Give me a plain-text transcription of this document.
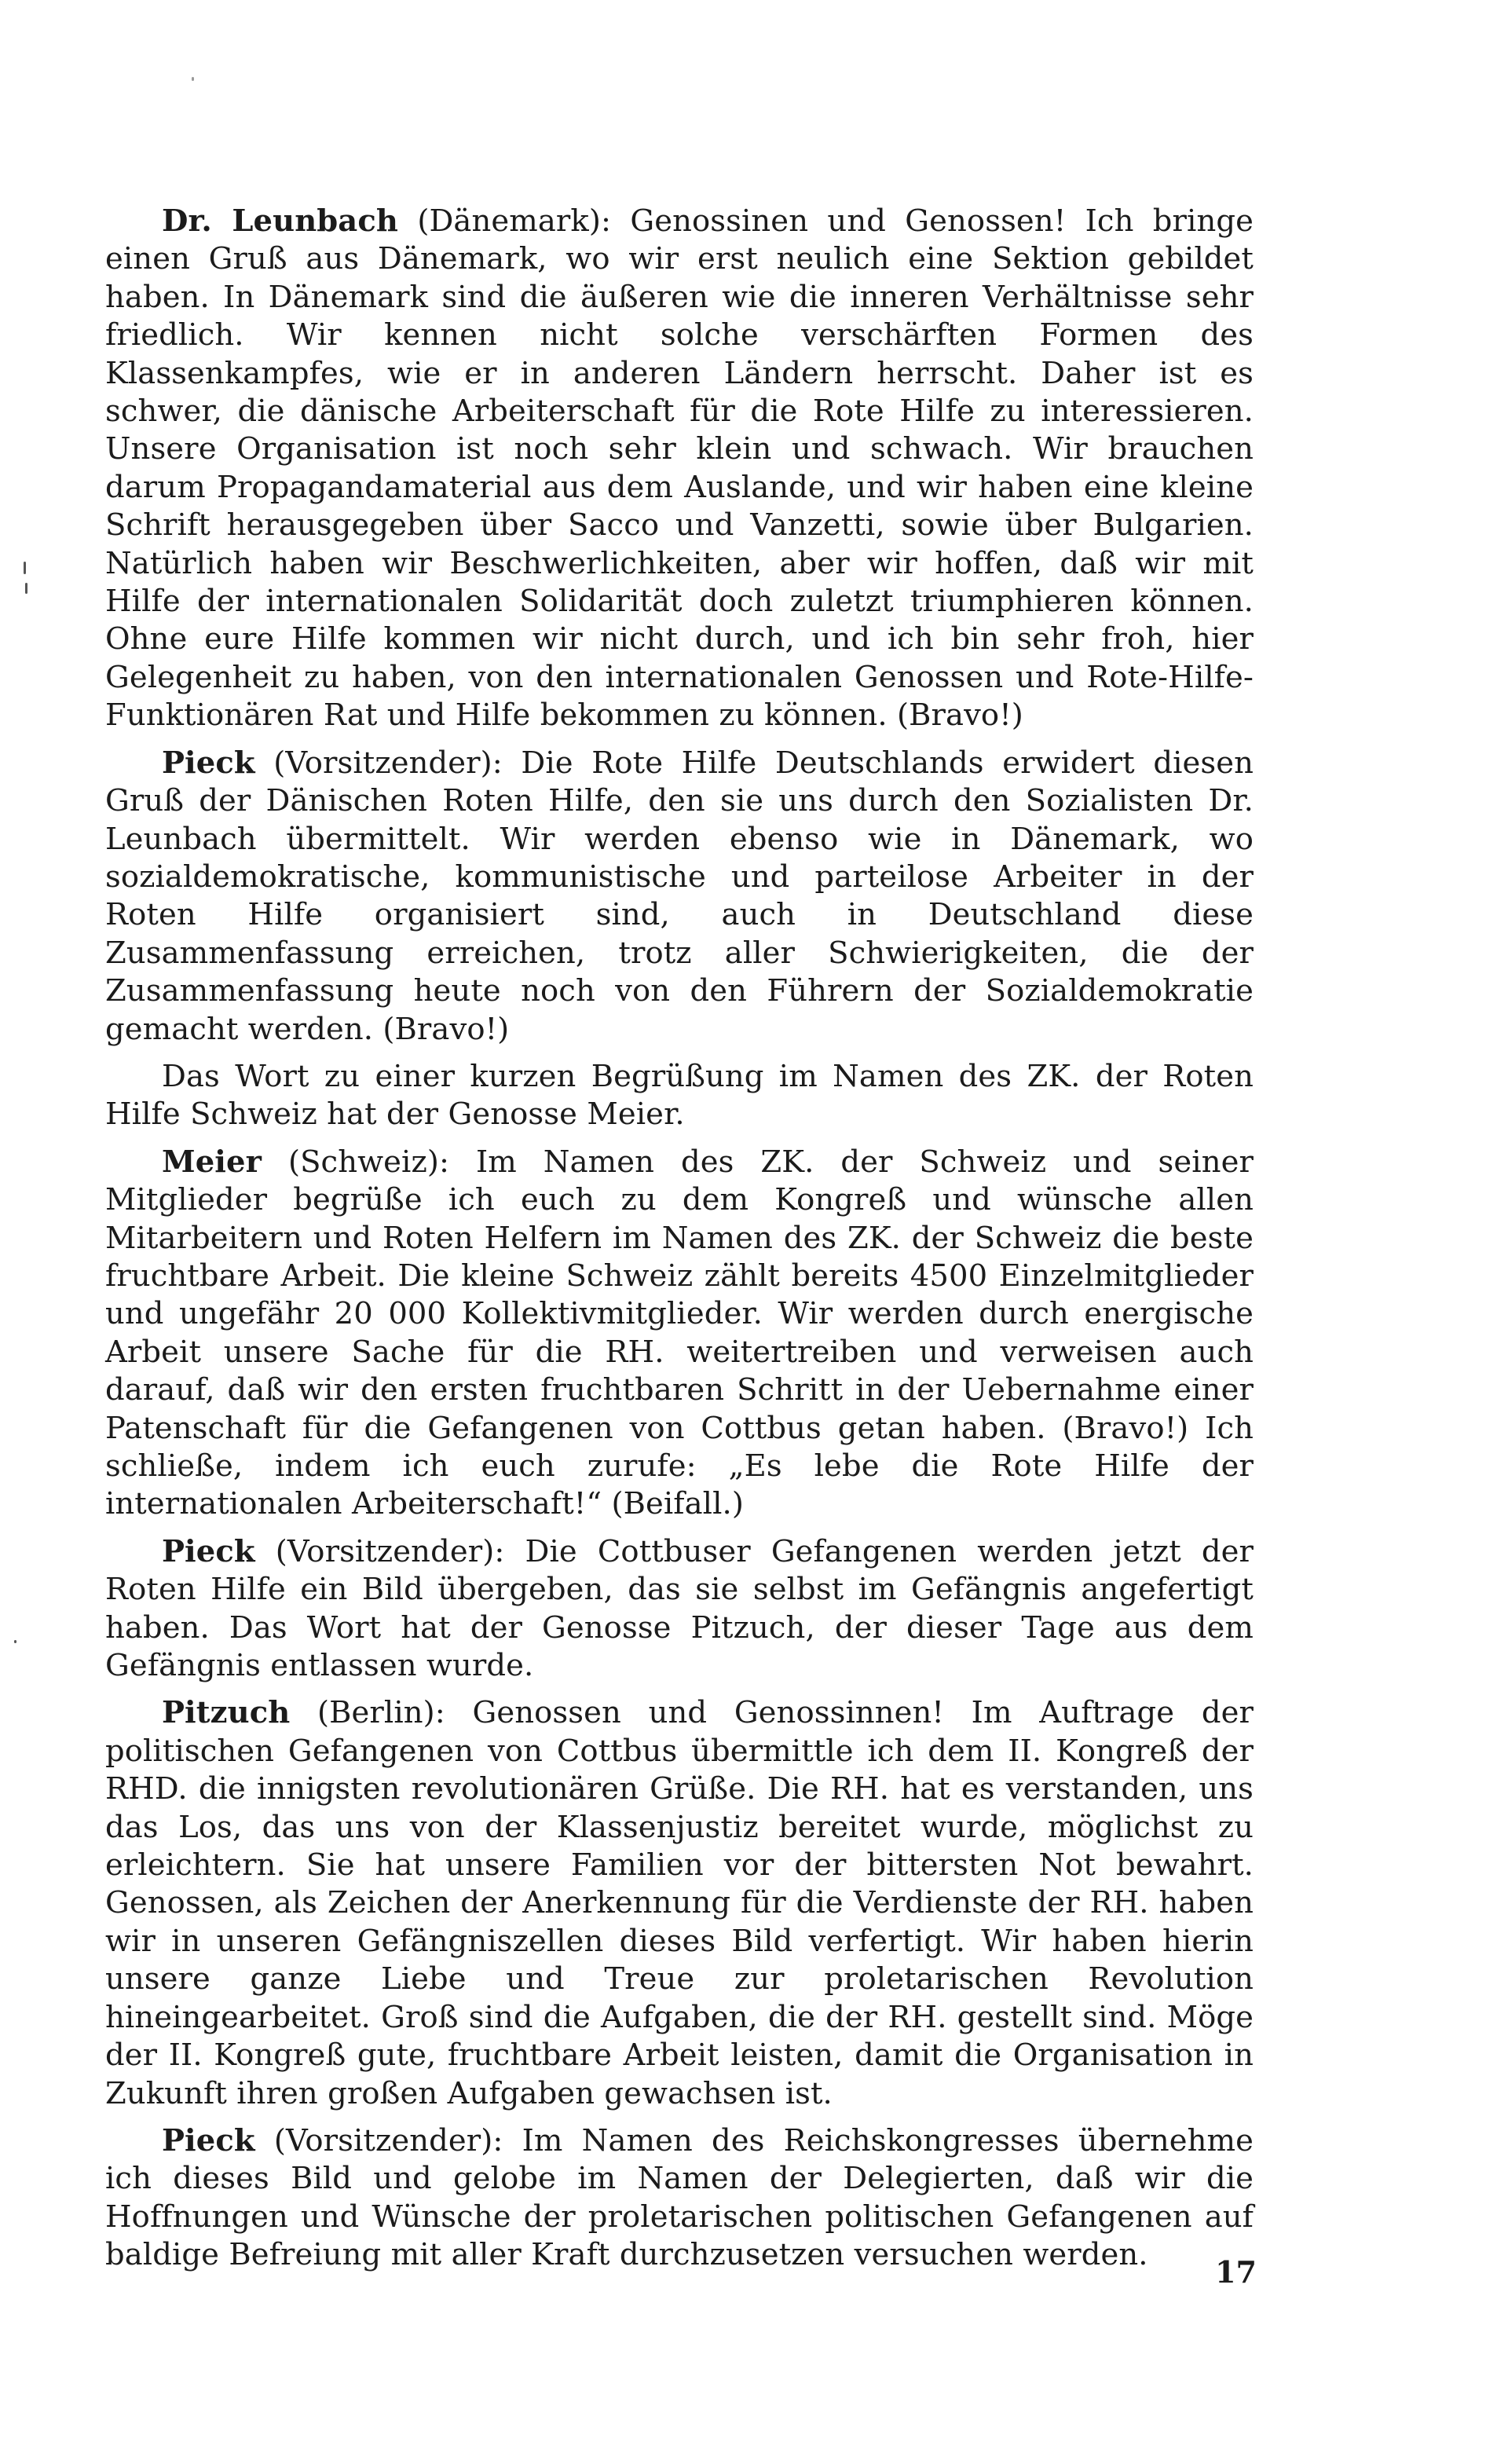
Dr. Leunbach (Dänemark): Genossinen und Genossen! Ich bringe einen Gruß aus Dänemark, wo wir erst neulich eine Sektion gebildet haben. In Dänemark sind die äußeren wie die inneren Verhältnisse sehr friedlich. Wir kennen nicht solche verschärften Formen des Klassenkampfes, wie er in anderen Ländern herrscht. Daher ist es schwer, die dänische Arbeiterschaft für die Rote Hilfe zu interessieren. Unsere Organisation ist noch sehr klein und schwach. Wir brauchen darum Propagandamaterial aus dem Auslande, und wir haben eine kleine Schrift herausgegeben über Sacco und Vanzetti, sowie über Bulgarien. Natürlich haben wir Beschwerlichkeiten, aber wir hoffen, daß wir mit Hilfe der internationalen Solidarität doch zuletzt triumphieren können. Ohne eure Hilfe kommen wir nicht durch, und ich bin sehr froh, hier Gelegenheit zu haben, von den internationalen Genossen und Rote-Hilfe-Funktionären Rat und Hilfe bekommen zu können. (Bravo!)

Pieck (Vorsitzender): Die Rote Hilfe Deutschlands erwidert diesen Gruß der Dänischen Roten Hilfe, den sie uns durch den Sozialisten Dr. Leunbach übermittelt. Wir werden ebenso wie in Dänemark, wo sozialdemokratische, kommunistische und parteilose Arbeiter in der Roten Hilfe organisiert sind, auch in Deutschland diese Zusammenfassung erreichen, trotz aller Schwierigkeiten, die der Zusammenfassung heute noch von den Führern der Sozialdemokratie gemacht werden. (Bravo!)

Das Wort zu einer kurzen Begrüßung im Namen des ZK. der Roten Hilfe Schweiz hat der Genosse Meier.

Meier (Schweiz): Im Namen des ZK. der Schweiz und seiner Mitglieder begrüße ich euch zu dem Kongreß und wünsche allen Mitarbeitern und Roten Helfern im Namen des ZK. der Schweiz die beste fruchtbare Arbeit. Die kleine Schweiz zählt bereits 4500 Einzelmitglieder und ungefähr 20 000 Kollektivmitglieder. Wir werden durch energische Arbeit unsere Sache für die RH. weitertreiben und verweisen auch darauf, daß wir den ersten fruchtbaren Schritt in der Uebernahme einer Patenschaft für die Gefangenen von Cottbus getan haben. (Bravo!) Ich schließe, indem ich euch zurufe: „Es lebe die Rote Hilfe der internationalen Arbeiterschaft!“ (Beifall.)

Pieck (Vorsitzender): Die Cottbuser Gefangenen werden jetzt der Roten Hilfe ein Bild übergeben, das sie selbst im Gefängnis angefertigt haben. Das Wort hat der Genosse Pitzuch, der dieser Tage aus dem Gefängnis entlassen wurde.

Pitzuch (Berlin): Genossen und Genossinnen! Im Auftrage der politischen Gefangenen von Cottbus übermittle ich dem II. Kongreß der RHD. die innigsten revolutionären Grüße. Die RH. hat es verstanden, uns das Los, das uns von der Klassenjustiz bereitet wurde, möglichst zu erleichtern. Sie hat unsere Familien vor der bittersten Not bewahrt. Genossen, als Zeichen der Anerkennung für die Verdienste der RH. haben wir in unseren Gefängniszellen dieses Bild verfertigt. Wir haben hierin unsere ganze Liebe und Treue zur proletarischen Revolution hineingearbeitet. Groß sind die Aufgaben, die der RH. gestellt sind. Möge der II. Kongreß gute, fruchtbare Arbeit leisten, damit die Organisation in Zukunft ihren großen Aufgaben gewachsen ist.

Pieck (Vorsitzender): Im Namen des Reichskongresses übernehme ich dieses Bild und gelobe im Namen der Delegierten, daß wir die Hoffnungen und Wünsche der proletarischen politischen Gefangenen auf baldige Befreiung mit aller Kraft durchzusetzen versuchen werden.	17
